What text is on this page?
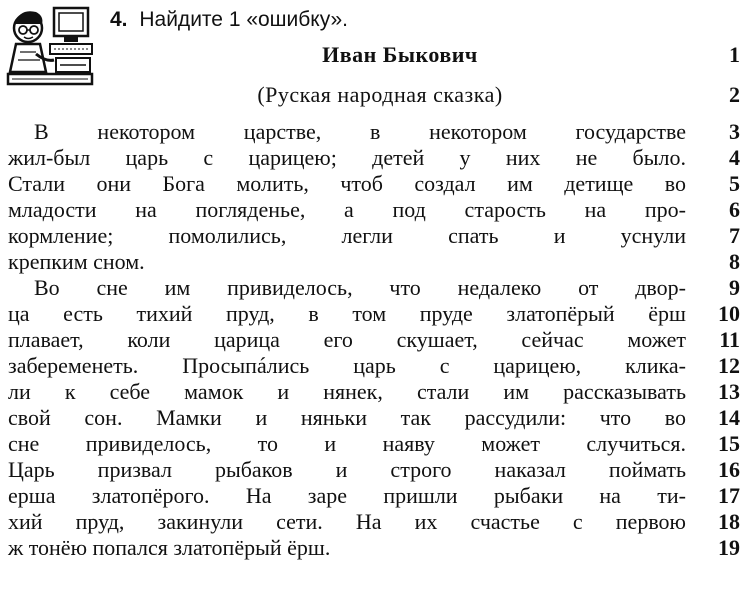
4. Найдите 1 «ошибку».
Иван Быкович
(Руская народная сказка)
В некотором царстве, в некотором государстве
жил-был царь с царицею; детей у них не было.
Стали они Бога молить, чтоб создал им детище во
младости на погляденье, а под старость на про-
кормление; помолились, легли спать и уснули
крепким сном.
Во сне им привиделось, что недалеко от двор-
ца есть тихий пруд, в том пруде златопёрый ёрш
плавает, коли царица его скушает, сейчас может
забеременеть. Просыпáлись царь с царицею, клика-
ли к себе мамок и нянек, стали им рассказывать
свой сон. Мамки и няньки так рассудили: что во
сне привиделось, то и наяву может случиться.
Царь призвал рыбаков и строго наказал поймать
ерша златопёрого. На заре пришли рыбаки на ти-
хий пруд, закинули сети. На их счастье с первою
ж тонёю попался златопёрый ёрш.
1
2
3
4
5
6
7
8
9
10
11
12
13
14
15
16
17
18
19
